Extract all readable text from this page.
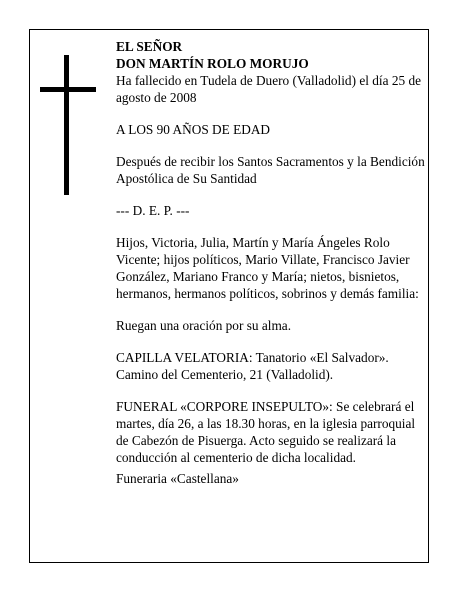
EL SEÑOR

DON MARTÍN ROLO MORUJO

Ha fallecido en Tudela de Duero (Valladolid) el día 25 de agosto de 2008

A LOS 90 AÑOS DE EDAD

Después de recibir los Santos Sacramentos y la Bendición Apostólica de Su Santidad

--- D. E. P. ---

Hijos, Victoria, Julia, Martín y María Ángeles Rolo Vicente; hijos políticos, Mario Villate, Francisco Javier González, Mariano Franco y María; nietos, bisnietos, hermanos, hermanos políticos, sobrinos y demás familia:

Ruegan una oración por su alma.

CAPILLA VELATORIA: Tanatorio «El Salvador». Camino del Cementerio, 21 (Valladolid).

FUNERAL «CORPORE INSEPULTO»: Se celebrará el martes, día 26, a las 18.30 horas, en la iglesia parroquial de Cabezón de Pisuerga. Acto seguido se realizará la conducción al cementerio de dicha localidad.

Funeraria «Castellana»
